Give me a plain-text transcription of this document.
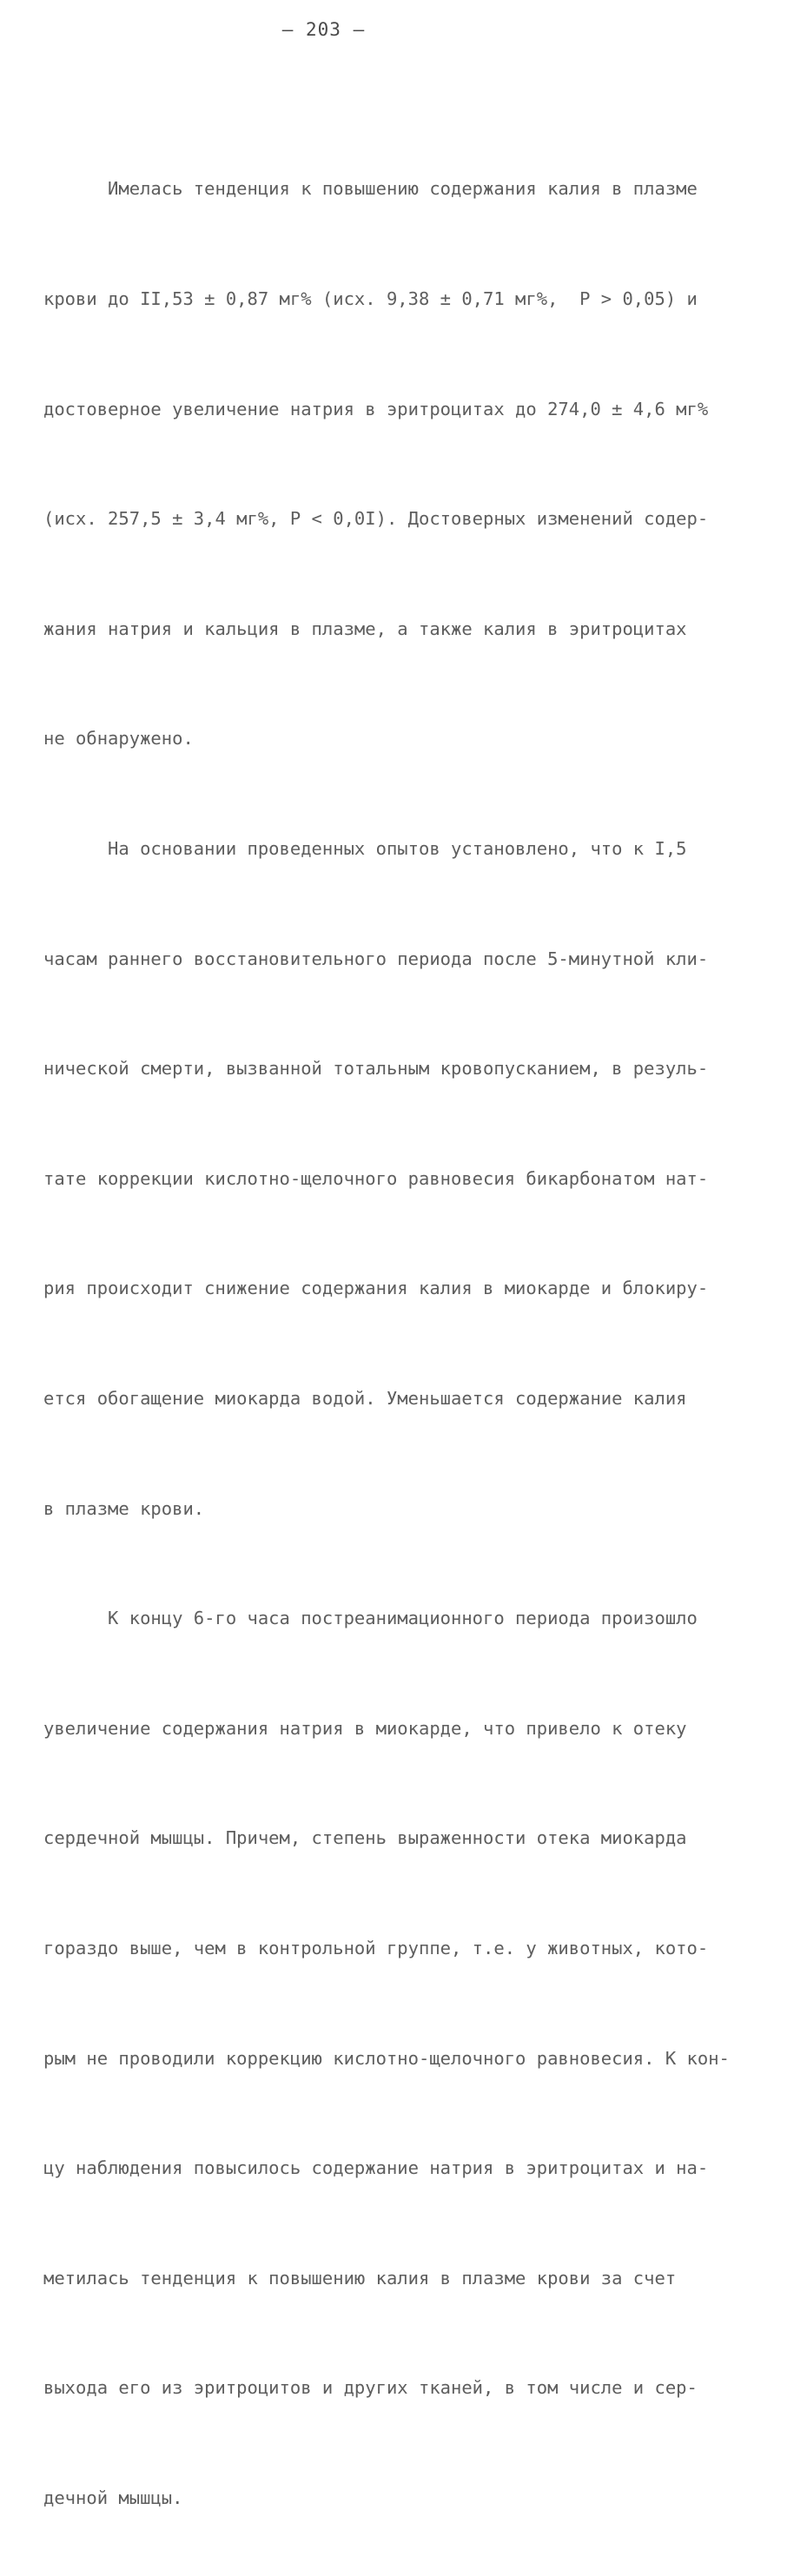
– 203 –

Имелась тенденция к повышению содержания калия в плазме

крови до II,53 ± 0,87 мг% (исх. 9,38 ± 0,71 мг%,  P > 0,05) и

достоверное увеличение натрия в эритроцитах до 274,0 ± 4,6 мг%

(исх. 257,5 ± 3,4 мг%, P < 0,0I). Достоверных изменений содер-

жания натрия и кальция в плазме, а также калия в эритроцитах

не обнаружено.

На основании проведенных опытов установлено, что к I,5

часам раннего восстановительного периода после 5-минутной кли-

нической смерти, вызванной тотальным кровопусканием, в резуль-

тате коррекции кислотно-щелочного равновесия бикарбонатом нат-

рия происходит снижение содержания калия в миокарде и блокиру-

ется обогащение миокарда водой. Уменьшается содержание калия

в плазме крови.

К концу 6-го часа постреанимационного периода произошло

увеличение содержания натрия в миокарде, что привело к отеку

сердечной мышцы. Причем, степень выраженности отека миокарда

гораздо выше, чем в контрольной группе, т.е. у животных, кото-

рым не проводили коррекцию кислотно-щелочного равновесия. К кон-

цу наблюдения повысилось содержание натрия в эритроцитах и на-

метилась тенденция к повышению калия в плазме крови за счет

выхода его из эритроцитов и других тканей, в том числе и сер-

дечной мышцы.
